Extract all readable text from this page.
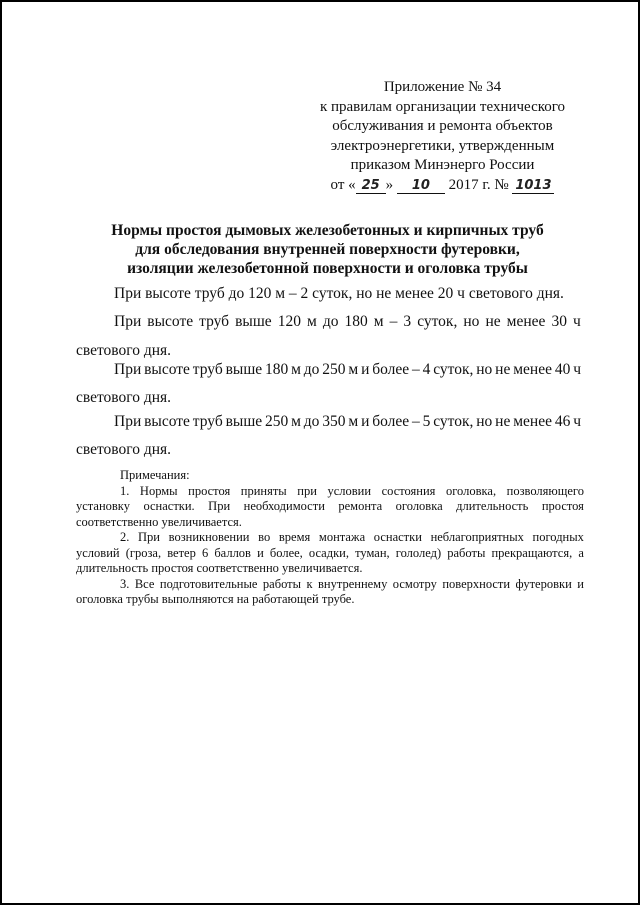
Приложение № 34
к правилам организации технического
обслуживания и ремонта объектов
электроэнергетики, утвержденным
приказом Минэнерго России
от « 25 » 10 2017 г. № 1013
Нормы простоя дымовых железобетонных и кирпичных труб
для обследования внутренней поверхности футеровки,
изоляции железобетонной поверхности и оголовка трубы
При высоте труб до 120 м – 2 суток, но не менее 20 ч светового дня.
При высоте труб выше 120 м до 180 м – 3 суток, но не менее 30 ч
светового дня.
При высоте труб выше 180 м до 250 м и более – 4 суток, но не менее 40 ч
светового дня.
При высоте труб выше 250 м до 350 м и более – 5 суток, но не менее 46 ч
светового дня.
Примечания:
1. Нормы простоя приняты при условии состояния оголовка, позволяющего
установку оснастки. При необходимости ремонта оголовка длительность простоя
соответственно увеличивается.
2. При возникновении во время монтажа оснастки неблагоприятных погодных
условий (гроза, ветер 6 баллов и более, осадки, туман, гололед) работы прекращаются, а
длительность простоя соответственно увеличивается.
3. Все подготовительные работы к внутреннему осмотру поверхности футеровки и
оголовка трубы выполняются на работающей трубе.
